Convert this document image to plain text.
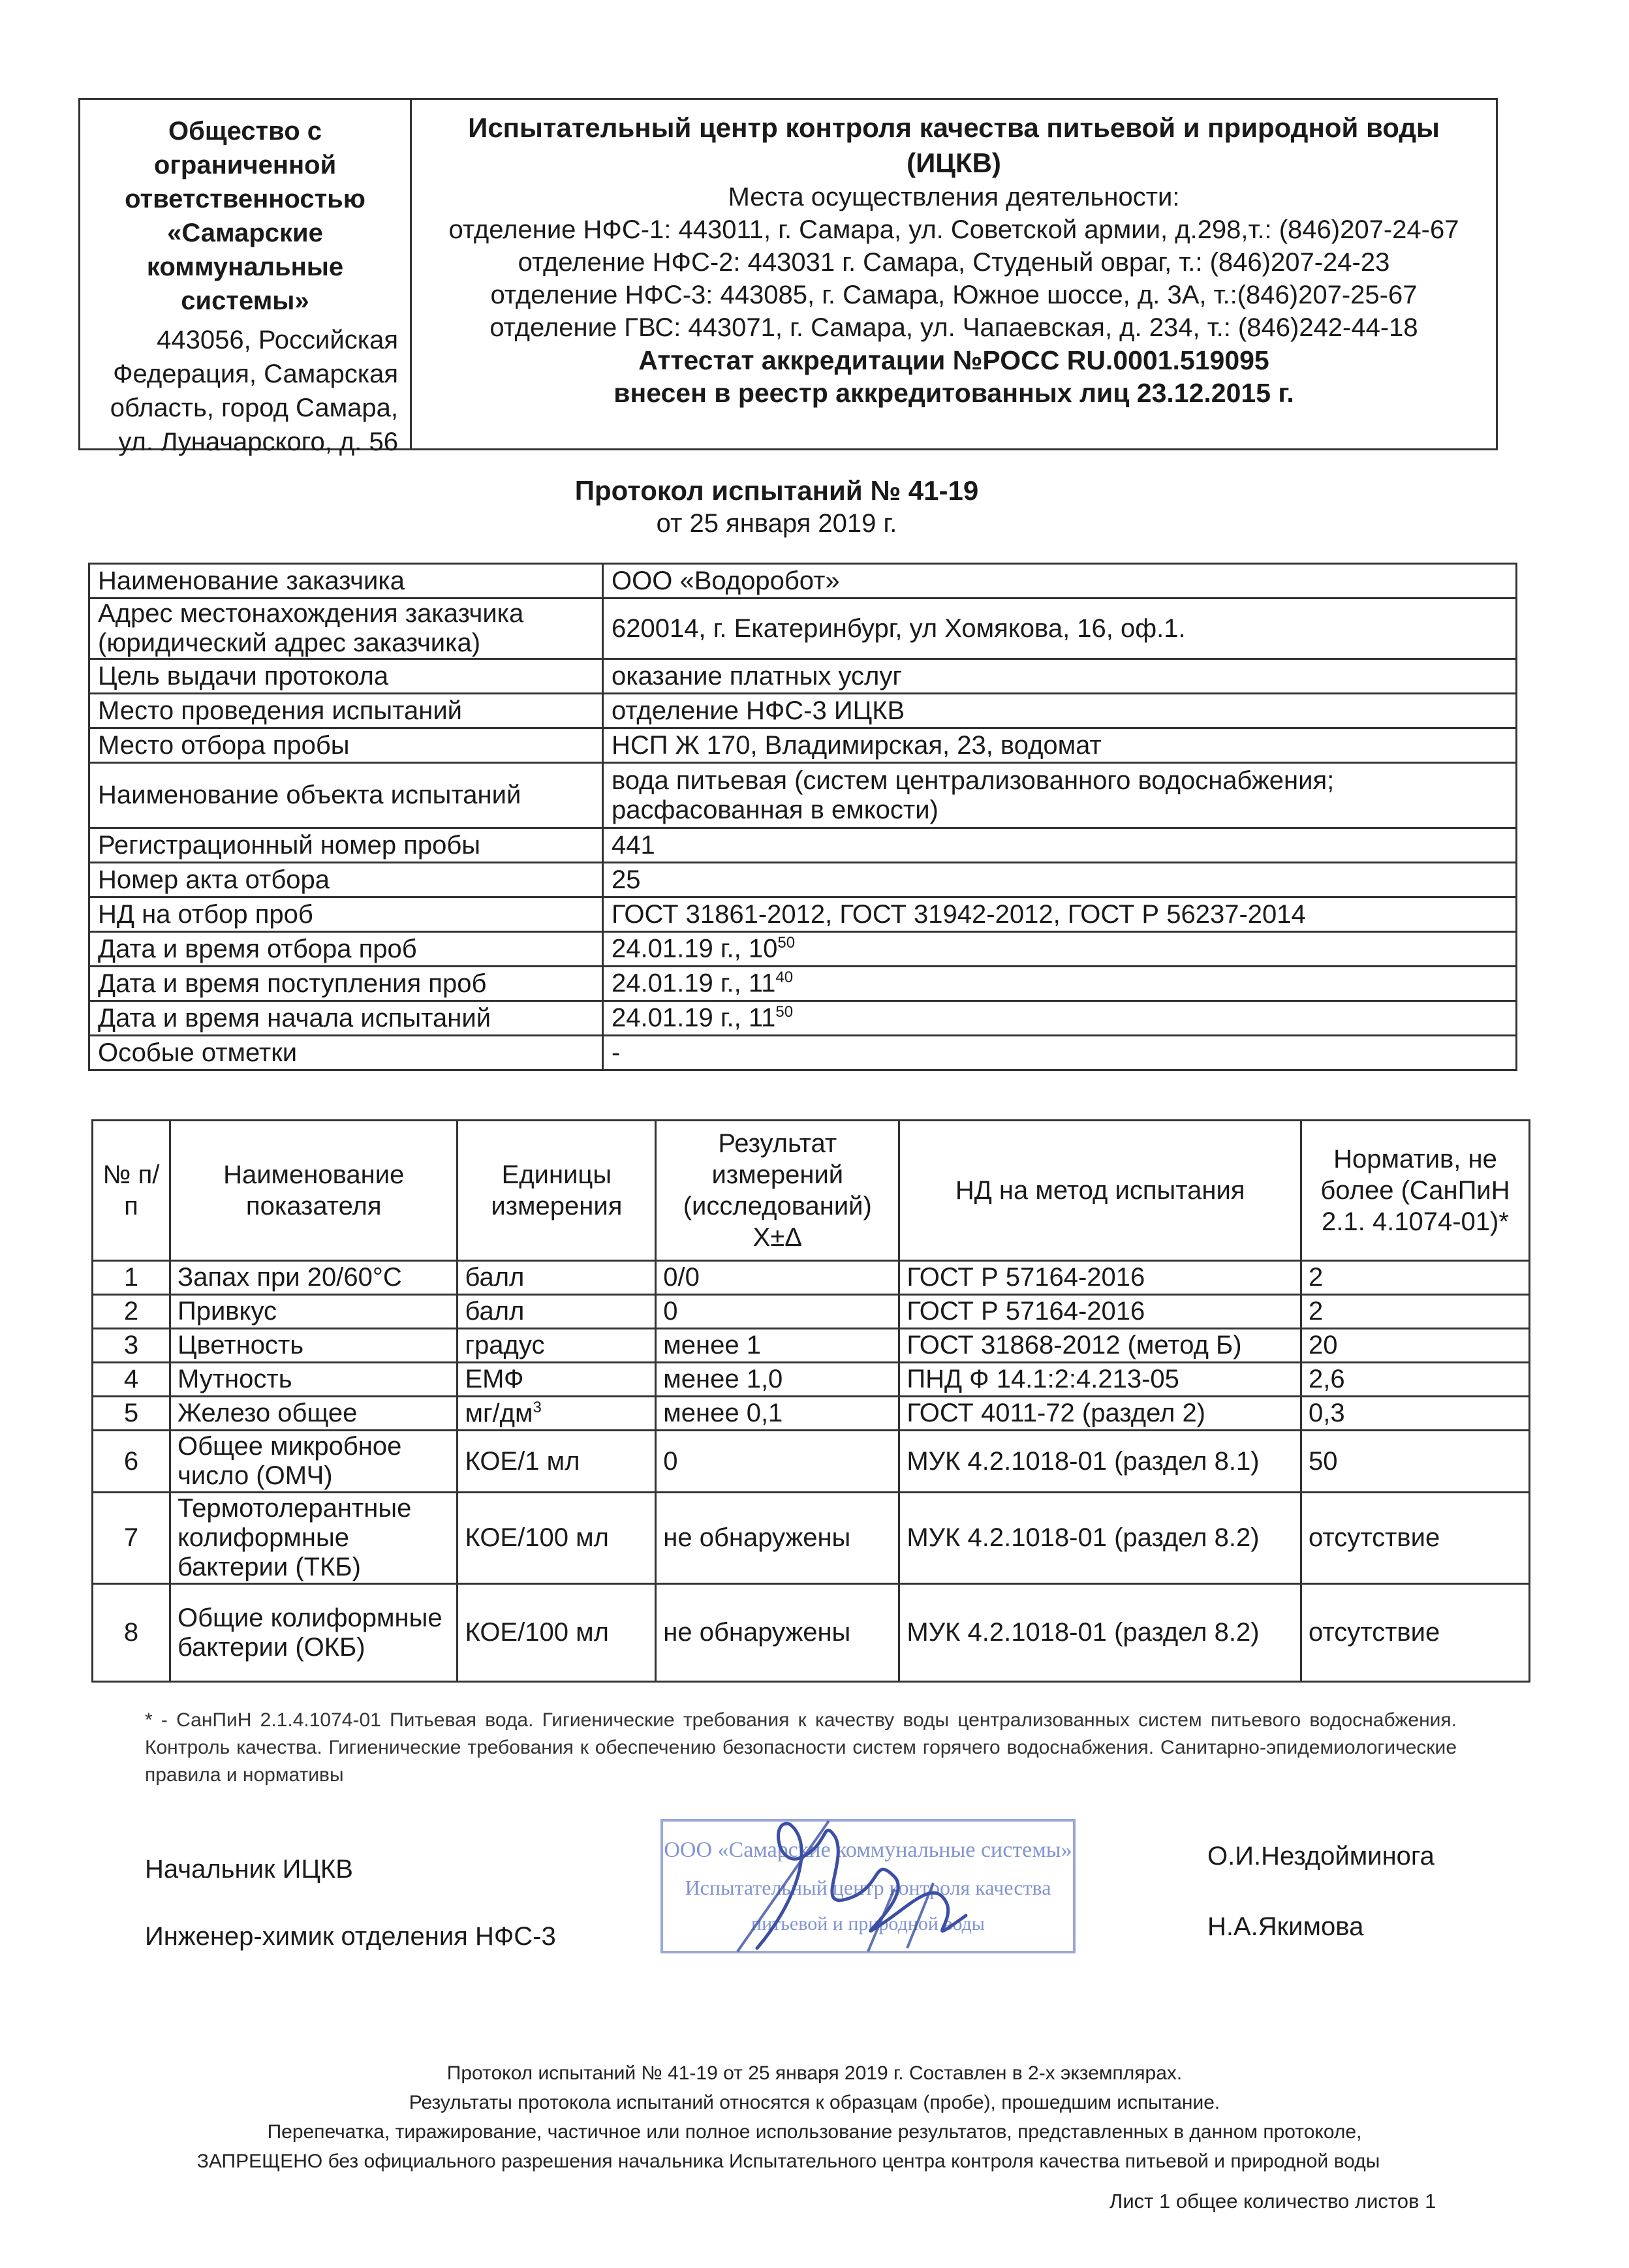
Общество с
ограниченной
ответственностью
«Самарские
коммунальные
системы»
443056, Российская
Федерация, Самарская
область, город Самара,
ул. Луначарского, д. 56
Испытательный центр контроля качества питьевой и природной воды
(ИЦКВ)
Места осуществления деятельности:
отделение НФС-1: 443011, г. Самара, ул. Советской армии, д.298,т.: (846)207-24-67
отделение НФС-2: 443031 г. Самара, Студеный овраг, т.: (846)207-24-23
отделение НФС-3: 443085, г. Самара, Южное шоссе, д. 3А, т.:(846)207-25-67
отделение ГВС: 443071, г. Самара, ул. Чапаевская, д. 234, т.: (846)242-44-18
Аттестат аккредитации №РОСС RU.0001.519095
внесен в реестр аккредитованных лиц 23.12.2015 г.
Протокол испытаний № 41-19
от 25 января 2019 г.
Наименование заказчика	ООО «Водоробот»
Адрес местонахождения заказчика (юридический адрес заказчика)	620014, г. Екатеринбург, ул Хомякова, 16, оф.1.
Цель выдачи протокола	оказание платных услуг
Место проведения испытаний	отделение НФС-3 ИЦКВ
Место отбора пробы	НСП Ж 170, Владимирская, 23, водомат
Наименование объекта испытаний	вода питьевая (систем централизованного водоснабжения; расфасованная в емкости)
Регистрационный номер пробы	441
Номер акта отбора	25
НД на отбор проб	ГОСТ 31861-2012, ГОСТ 31942-2012, ГОСТ Р 56237-2014
Дата и время отбора проб	24.01.19 г., $10^{50}$
Дата и время поступления проб	24.01.19 г., $11^{40}$
Дата и время начала испытаний	24.01.19 г., $11^{50}$
Особые отметки	-
№ п/п	Наименование показателя	Единицы измерения	Результат измерений (исследований) Х±Δ	НД на метод испытания	Норматив, не более (СанПиН 2.1. 4.1074-01)*
1	Запах при 20/60°С	балл	0/0	ГОСТ Р 57164-2016	2
2	Привкус	балл	0	ГОСТ Р 57164-2016	2
3	Цветность	градус	менее 1	ГОСТ 31868-2012 (метод Б)	20
4	Мутность	ЕМФ	менее 1,0	ПНД Ф 14.1:2:4.213-05	2,6
5	Железо общее	$мг/дм^3$	менее 0,1	ГОСТ 4011-72 (раздел 2)	0,3
6	Общее микробное число (ОМЧ)	КОЕ/1 мл	0	МУК 4.2.1018-01 (раздел 8.1)	50
7	Термотолерантные колиформные бактерии (ТКБ)	КОЕ/100 мл	не обнаружены	МУК 4.2.1018-01 (раздел 8.2)	отсутствие
8	Общие колиформные бактерии (ОКБ)	КОЕ/100 мл	не обнаружены	МУК 4.2.1018-01 (раздел 8.2)	отсутствие
* - СанПиН 2.1.4.1074-01 Питьевая вода. Гигиенические требования к качеству воды централизованных систем питьевого водоснабжения. Контроль качества. Гигиенические требования к обеспечению безопасности систем горячего водоснабжения. Санитарно-эпидемиологические правила и нормативы
Начальник ИЦКВ	О.И.Нездойминога
Инженер-химик отделения НФС-3	Н.А.Якимова
ООО «Самарские коммунальные системы»
Испытательный центр контроля качества
питьевой и природной воды
Протокол испытаний № 41-19 от 25 января 2019 г. Составлен в 2-х экземплярах.
Результаты протокола испытаний относятся к образцам (пробе), прошедшим испытание.
Перепечатка, тиражирование, частичное или полное использование результатов, представленных в данном протоколе,
ЗАПРЕЩЕНО без официального разрешения начальника Испытательного центра контроля качества питьевой и природной воды
Лист 1 общее количество листов 1
